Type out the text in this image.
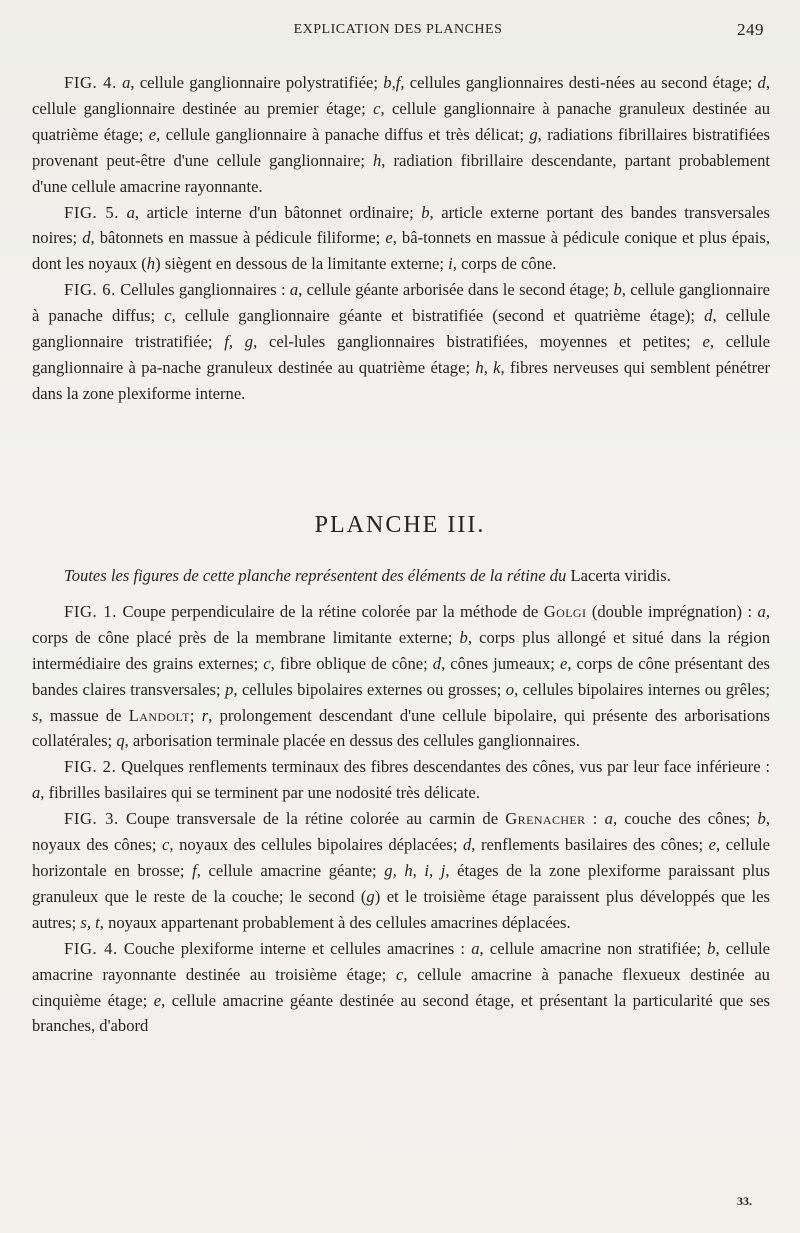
EXPLICATION DES PLANCHES	249

FIG. 4. a, cellule ganglionnaire polystratifiée; b,f, cellules ganglionnaires desti-nées au second étage; d, cellule ganglionnaire destinée au premier étage; c, cellule ganglionnaire à panache granuleux destinée au quatrième étage; e, cellule ganglionnaire à panache diffus et très délicat; g, radiations fibrillaires bistratifiées provenant peut-être d'une cellule ganglionnaire; h, radiation fibrillaire descendante, partant probablement d'une cellule amacrine rayonnante.

FIG. 5. a, article interne d'un bâtonnet ordinaire; b, article externe portant des bandes transversales noires; d, bâtonnets en massue à pédicule filiforme; e, bâ-tonnets en massue à pédicule conique et plus épais, dont les noyaux (h) siègent en dessous de la limitante externe; i, corps de cône.

FIG. 6. Cellules ganglionnaires : a, cellule géante arborisée dans le second étage; b, cellule ganglionnaire à panache diffus; c, cellule ganglionnaire géante et bistratifiée (second et quatrième étage); d, cellule ganglionnaire tristratifiée; f, g, cel-lules ganglionnaires bistratifiées, moyennes et petites; e, cellule ganglionnaire à pa-nache granuleux destinée au quatrième étage; h, k, fibres nerveuses qui semblent pénétrer dans la zone plexiforme interne.

PLANCHE III.

Toutes les figures de cette planche représentent des éléments de la rétine du Lacerta viridis.

FIG. 1. Coupe perpendiculaire de la rétine colorée par la méthode de Golgi (double imprégnation) : a, corps de cône placé près de la membrane limitante externe; b, corps plus allongé et situé dans la région intermédiaire des grains externes; c, fibre oblique de cône; d, cônes jumeaux; e, corps de cône présentant des bandes claires transversales; p, cellules bipolaires externes ou grosses; o, cellules bipolaires internes ou grêles; s, massue de Landolt; r, prolongement descendant d'une cellule bipolaire, qui présente des arborisations collatérales; q, arborisation terminale placée en dessus des cellules ganglionnaires.

FIG. 2. Quelques renflements terminaux des fibres descendantes des cônes, vus par leur face inférieure : a, fibrilles basilaires qui se terminent par une nodosité très délicate.

FIG. 3. Coupe transversale de la rétine colorée au carmin de Grenacher : a, couche des cônes; b, noyaux des cônes; c, noyaux des cellules bipolaires déplacées; d, renflements basilaires des cônes; e, cellule horizontale en brosse; f, cellule amacrine géante; g, h, i, j, étages de la zone plexiforme paraissant plus granuleux que le reste de la couche; le second (g) et le troisième étage paraissent plus développés que les autres; s, t, noyaux appartenant probablement à des cellules amacrines déplacées.

FIG. 4. Couche plexiforme interne et cellules amacrines : a, cellule amacrine non stratifiée; b, cellule amacrine rayonnante destinée au troisième étage; c, cellule amacrine à panache flexueux destinée au cinquième étage; e, cellule amacrine géante destinée au second étage, et présentant la particularité que ses branches, d'abord

33.
